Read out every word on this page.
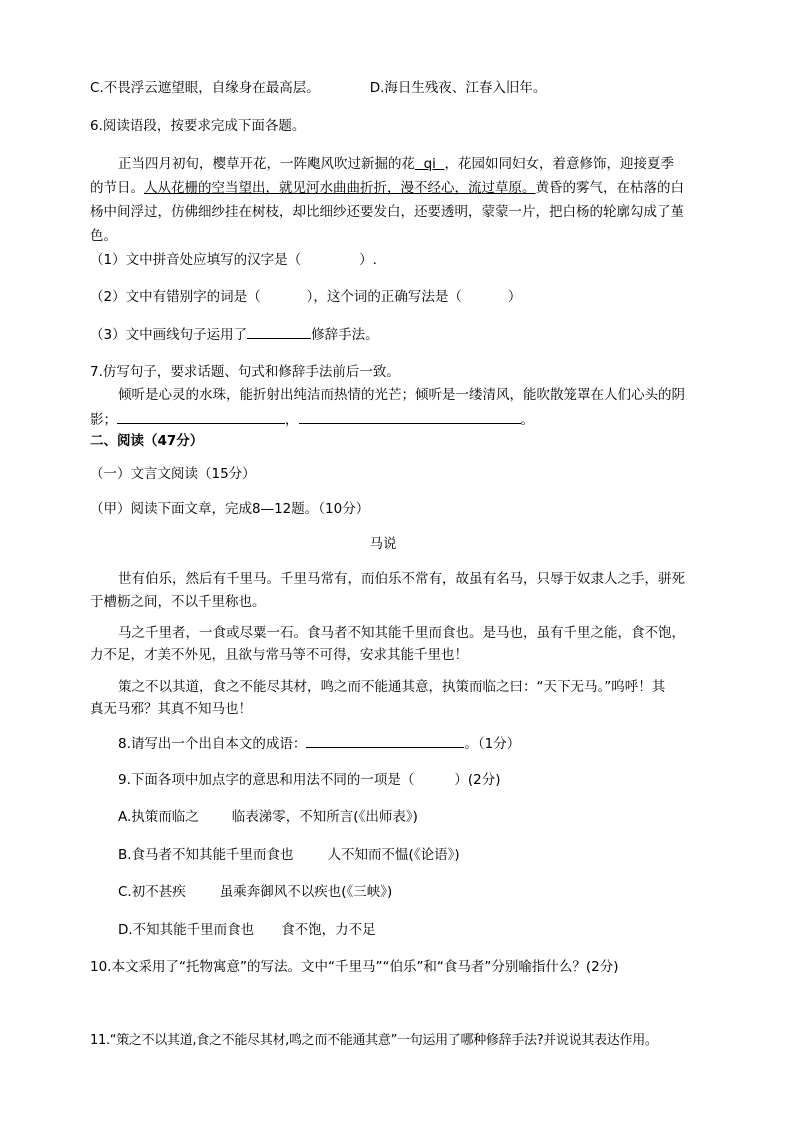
C.不畏浮云遮望眼，自缘身在最高层。	D.海日生残夜、江春入旧年。
6.阅读语段，按要求完成下面各题。
正当四月初旬，樱草开花，一阵飑风吹过新掘的花 qi ，花园如同妇女，着意修饰，迎接夏季
的节日。人从花栅的空当望出，就见河水曲曲折折，漫不经心，流过草原。黄昏的雾气，在枯落的白
杨中间浮过，仿佛细纱挂在树枝，却比细纱还要发白，还要透明，蒙蒙一片，把白杨的轮廓勾成了堇
色。
（1）文中拼音处应填写的汉字是（	）.
（2）文中有错别字的词是（	），这个词的正确写法是（	）
（3）文中画线句子运用了	修辞手法。
7.仿写句子，要求话题、句式和修辞手法前后一致。
倾听是心灵的水珠，能折射出纯洁而热情的光芒；倾听是一缕清风，能吹散笼罩在人们心头的阴
影；	，	。
二、阅读（47分）
（一）文言文阅读（15分）
（甲）阅读下面文章，完成8—12题。（10分）
马说
世有伯乐，然后有千里马。千里马常有，而伯乐不常有，故虽有名马，只辱于奴隶人之手，骈死
于槽枥之间，不以千里称也。
马之千里者，一食或尽粟一石。食马者不知其能千里而食也。是马也，虽有千里之能，食不饱，
力不足，才美不外见，且欲与常马等不可得，安求其能千里也！
策之不以其道，食之不能尽其材，鸣之而不能通其意，执策而临之曰：“天下无马。”呜呼！其
真无马邪？其真不知马也！
8.请写出一个出自本文的成语：	。（1分）
9.下面各项中加点字的意思和用法不同的一项是（	）(2分)
A.执策而临之 临表涕零，不知所言(《出师表》)
B.食马者不知其能千里而食也	人不知而不愠(《论语》)
C.初不甚疾	虽乘奔御风不以疾也(《三峡》)
D.不知其能千里而食也 食不饱，力不足
10.本文采用了“托物寓意”的写法。文中“千里马”“伯乐”和“食马者”分别喻指什么？(2分)
11.“策之不以其道,食之不能尽其材,鸣之而不能通其意”一句运用了哪种修辞手法?并说说其表达作用。
